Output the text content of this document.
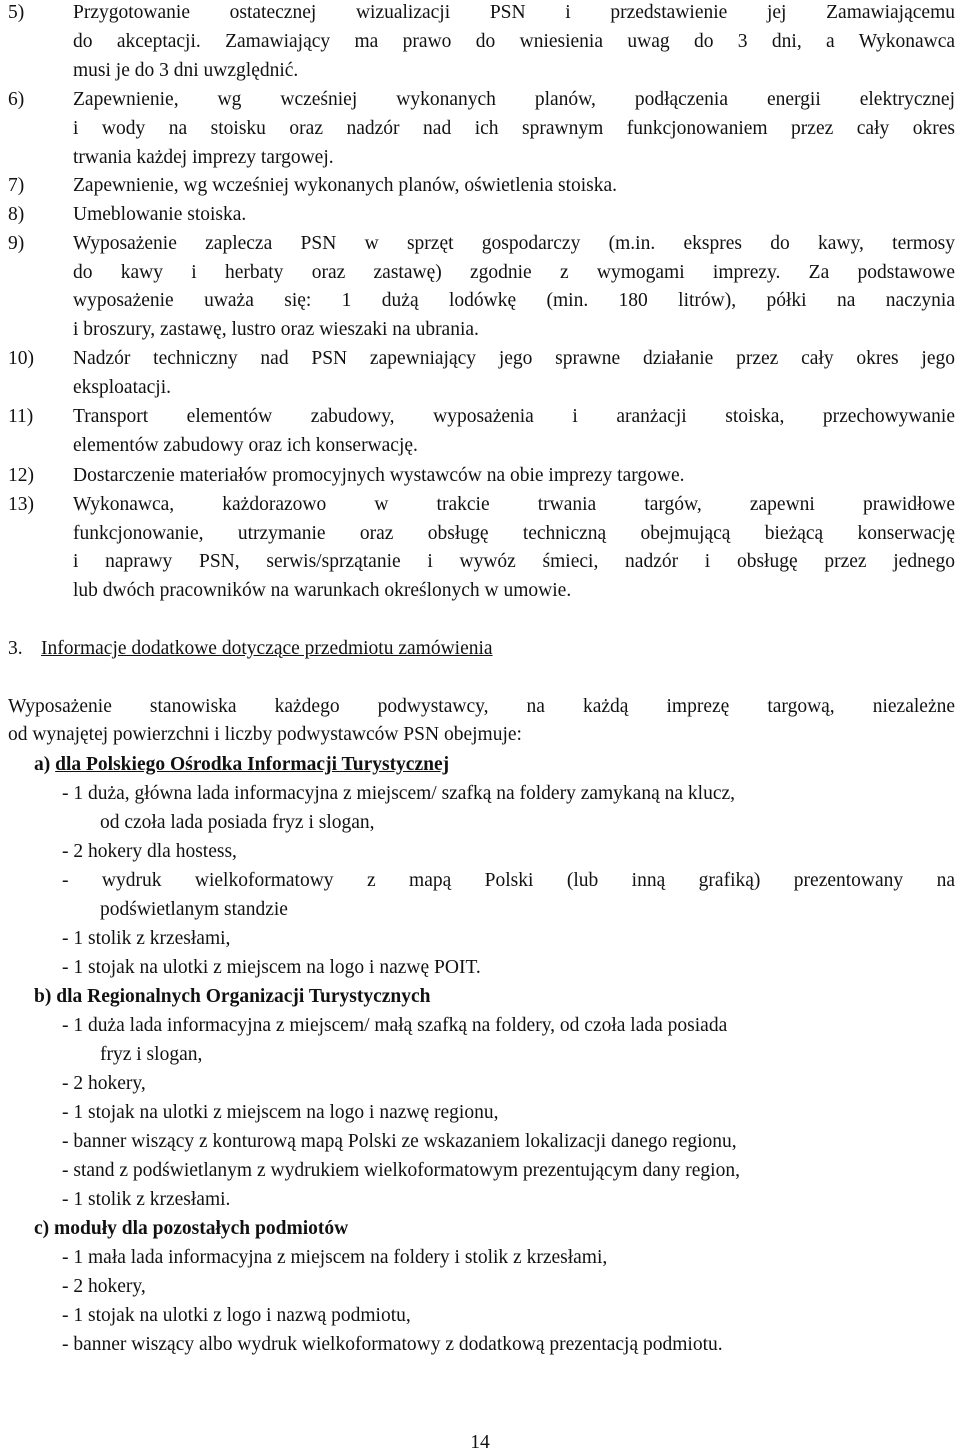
5)	Przygotowanie ostatecznej wizualizacji PSN i przedstawienie jej Zamawiającemu

do akceptacji. Zamawiający ma prawo do wniesienia uwag do 3 dni, a Wykonawca

musi je do 3 dni uwzględnić.

6)	Zapewnienie, wg wcześniej wykonanych planów, podłączenia energii elektrycznej

i wody na stoisku oraz nadzór nad ich sprawnym funkcjonowaniem przez cały okres

trwania każdej imprezy targowej.

7)	Zapewnienie, wg wcześniej wykonanych planów, oświetlenia stoiska.

8)	Umeblowanie stoiska.

9)	Wyposażenie zaplecza PSN w sprzęt gospodarczy (m.in. ekspres do kawy, termosy

do kawy i herbaty oraz zastawę) zgodnie z wymogami imprezy. Za podstawowe

wyposażenie uważa się: 1 dużą lodówkę (min. 180 litrów), półki na naczynia

i broszury, zastawę, lustro oraz wieszaki na ubrania.

10) Nadzór techniczny nad PSN zapewniający jego sprawne działanie przez cały okres jego

eksploatacji.

11) Transport elementów zabudowy, wyposażenia i aranżacji stoiska, przechowywanie

elementów zabudowy oraz ich konserwację.

12) Dostarczenie materiałów promocyjnych wystawców na obie imprezy targowe.

13) Wykonawca, każdorazowo w trakcie trwania targów, zapewni prawidłowe

funkcjonowanie, utrzymanie oraz obsługę techniczną obejmującą bieżącą konserwację

i naprawy PSN, serwis/sprzątanie i wywóz śmieci, nadzór i obsługę przez jednego

lub dwóch pracowników na warunkach określonych w umowie.

3. Informacje dodatkowe dotyczące przedmiotu zamówienia

Wyposażenie stanowiska każdego podwystawcy, na każdą imprezę targową, niezależne

od wynajętej powierzchni i liczby podwystawców PSN obejmuje:

a) dla Polskiego Ośrodka Informacji Turystycznej

- 1 duża, główna lada informacyjna z miejscem/ szafką na foldery zamykaną na klucz,

od czoła lada posiada fryz i slogan,

- 2 hokery dla hostess,

- wydruk wielkoformatowy z mapą Polski (lub inną grafiką) prezentowany na

podświetlanym standzie

- 1 stolik z krzesłami,

- 1 stojak na ulotki z miejscem na logo i nazwę POIT.

b) dla Regionalnych Organizacji Turystycznych

- 1 duża lada informacyjna z miejscem/ małą szafką na foldery, od czoła lada posiada

fryz i slogan,

- 2 hokery,

- 1 stojak na ulotki z miejscem na logo i nazwę regionu,

- banner wiszący z konturową mapą Polski ze wskazaniem lokalizacji danego regionu,

- stand z podświetlanym z wydrukiem wielkoformatowym prezentującym dany region,

- 1 stolik z krzesłami.

c) moduły dla pozostałych podmiotów

- 1 mała lada informacyjna z miejscem na foldery i stolik z krzesłami,

- 2 hokery,

- 1 stojak na ulotki z logo i nazwą podmiotu,

- banner wiszący albo wydruk wielkoformatowy z dodatkową prezentacją podmiotu.

14
